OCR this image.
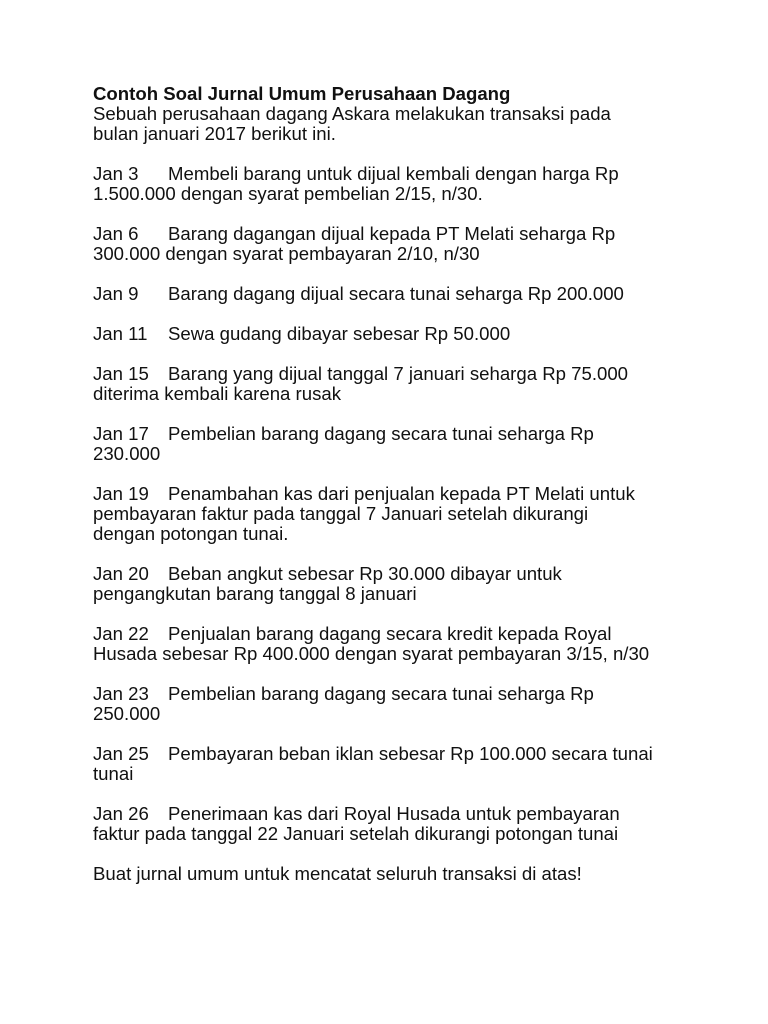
Contoh Soal Jurnal Umum Perusahaan Dagang
Sebuah perusahaan dagang Askara melakukan transaksi pada
bulan januari 2017 berikut ini.
Jan 3 Membeli barang untuk dijual kembali dengan harga Rp
1.500.000 dengan syarat pembelian 2/15, n/30.
Jan 6 Barang dagangan dijual kepada PT Melati seharga Rp
300.000 dengan syarat pembayaran 2/10, n/30
Jan 9 Barang dagang dijual secara tunai seharga Rp 200.000
Jan 11 Sewa gudang dibayar sebesar Rp 50.000
Jan 15 Barang yang dijual tanggal 7 januari seharga Rp 75.000
diterima kembali karena rusak
Jan 17 Pembelian barang dagang secara tunai seharga Rp
230.000
Jan 19 Penambahan kas dari penjualan kepada PT Melati untuk
pembayaran faktur pada tanggal 7 Januari setelah dikurangi
dengan potongan tunai.
Jan 20 Beban angkut sebesar Rp 30.000 dibayar untuk
pengangkutan barang tanggal 8 januari
Jan 22 Penjualan barang dagang secara kredit kepada Royal
Husada sebesar Rp 400.000 dengan syarat pembayaran 3/15, n/30
Jan 23 Pembelian barang dagang secara tunai seharga Rp
250.000
Jan 25 Pembayaran beban iklan sebesar Rp 100.000 secara tunai
tunai
Jan 26 Penerimaan kas dari Royal Husada untuk pembayaran
faktur pada tanggal 22 Januari setelah dikurangi potongan tunai
Buat jurnal umum untuk mencatat seluruh transaksi di atas!
